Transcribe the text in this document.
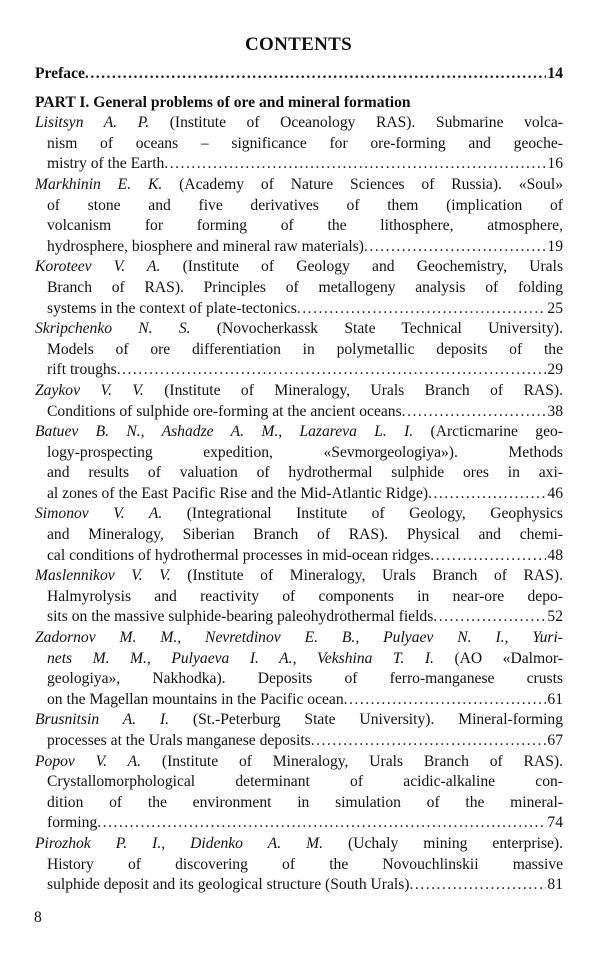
CONTENTS
Preface .....	14
PART I. General problems of ore and mineral formation
Lisitsyn A. P. (Institute of Oceanology RAS). Submarine volca-
nism of oceans – significance for ore-forming and geoche-
mistry of the Earth .....	16
Markhinin E. K. (Academy of Nature Sciences of Russia). «Soul»
of stone and five derivatives of them (implication of
volcanism for forming of the lithosphere, atmosphere,
hydrosphere, biosphere and mineral raw materials) .....	19
Koroteev V. A. (Institute of Geology and Geochemistry, Urals
Branch of RAS). Principles of metallogeny analysis of folding
systems in the context of plate-tectonics .....	25
Skripchenko N. S. (Novocherkassk State Technical University).
Models of ore differentiation in polymetallic deposits of the
rift troughs .....	29
Zaykov V. V. (Institute of Mineralogy, Urals Branch of RAS).
Conditions of sulphide ore-forming at the ancient oceans .....	38
Batuev B. N., Ashadze A. M., Lazareva L. I. (Arcticmarine geo-
logy-prospecting expedition, «Sevmorgeologiya»). Methods
and results of valuation of hydrothermal sulphide ores in axi-
al zones of the East Pacific Rise and the Mid-Atlantic Ridge) .....	46
Simonov V. A. (Integrational Institute of Geology, Geophysics
and Mineralogy, Siberian Branch of RAS). Physical and chemi-
cal conditions of hydrothermal processes in mid-ocean ridges .....	48
Maslennikov V. V. (Institute of Mineralogy, Urals Branch of RAS).
Halmyrolysis and reactivity of components in near-ore depo-
sits on the massive sulphide-bearing paleohydrothermal fields .....	52
Zadornov M. M., Nevretdinov E. B., Pulyaev N. I., Yuri-
nets M. M., Pulyaeva I. A., Vekshina T. I. (AO «Dalmor-
geologiya», Nakhodka). Deposits of ferro-manganese crusts
on the Magellan mountains in the Pacific ocean .....	61
Brusnitsin A. I. (St.-Peterburg State University). Mineral-forming
processes at the Urals manganese deposits .....	67
Popov V. A. (Institute of Mineralogy, Urals Branch of RAS).
Crystallomorphological determinant of acidic-alkaline con-
dition of the environment in simulation of the mineral-
forming .....	74
Pirozhok P. I., Didenko A. M. (Uchaly mining enterprise).
History of discovering of the Novouchlinskii massive
sulphide deposit and its geological structure (South Urals) .....	81
8
